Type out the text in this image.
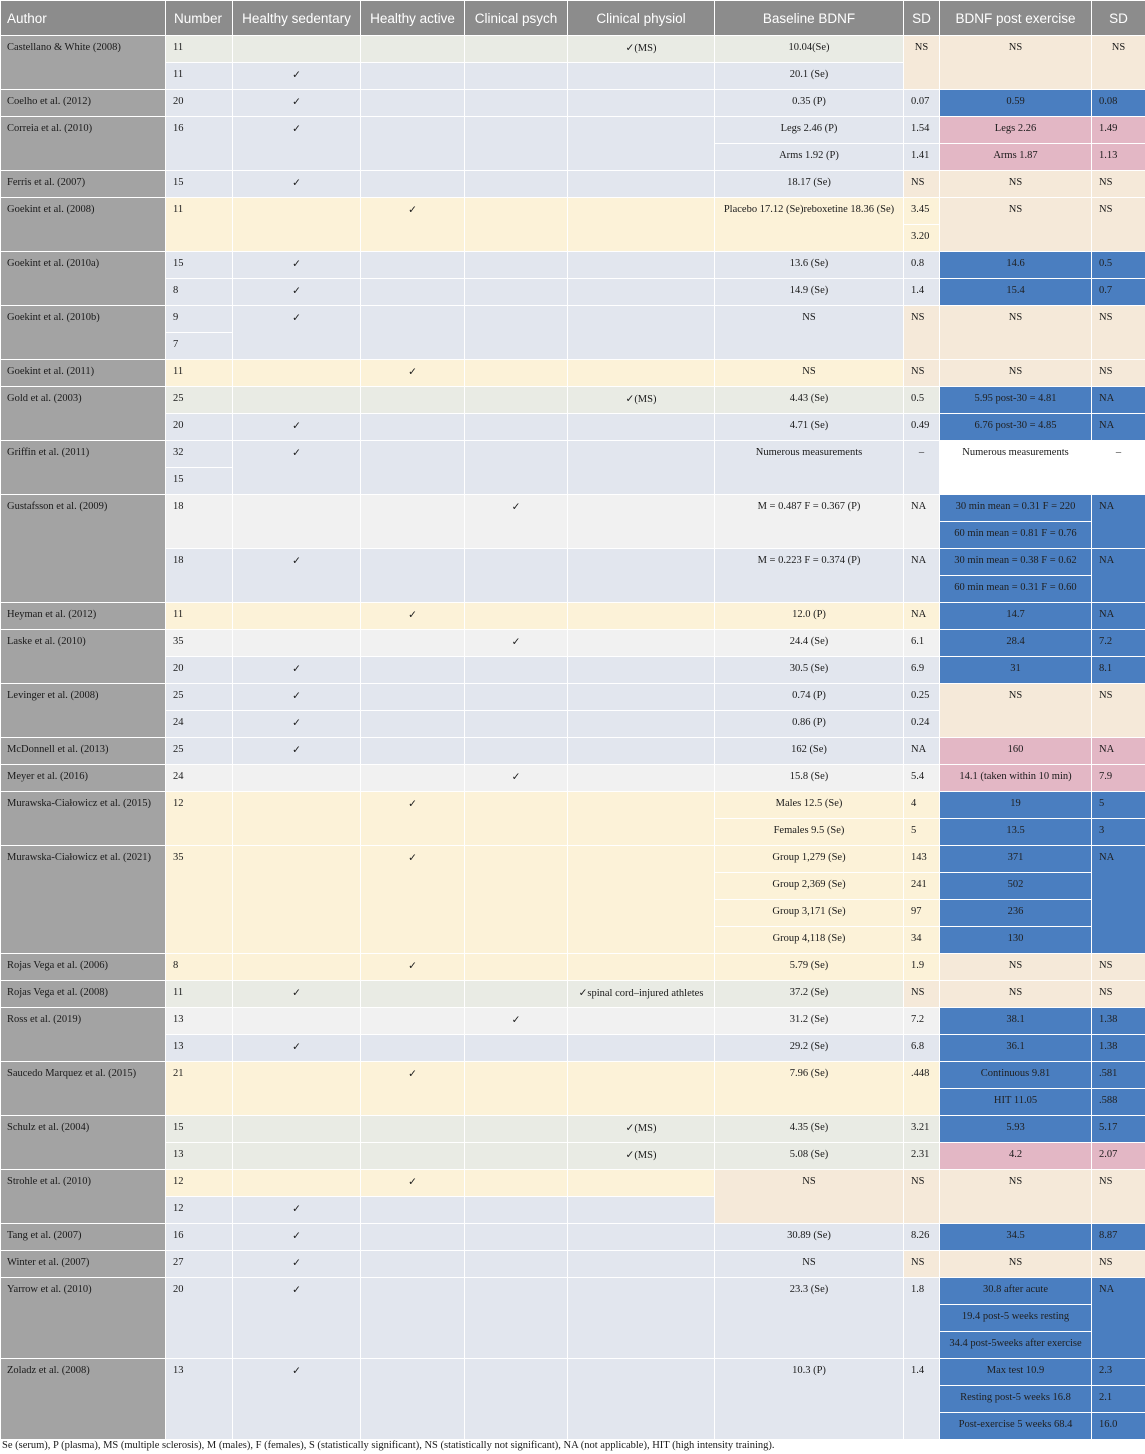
Author	Number	Healthy sedentary	Healthy active	Clinical psych	Clinical physiol	Baseline BDNF	SD	BDNF post exercise	SD

Castellano & White (2008)	11				✓(MS)	10.04(Se)	NS	NS	NS

	11	✓				20.1 (Se)			

Coelho et al. (2012)	20	✓				0.35 (P)	0.07	0.59	0.08

Correia et al. (2010)	16	✓				Legs 2.46 (P)	1.54	Legs 2.26	1.49

						Arms 1.92 (P)	1.41	Arms 1.87	1.13

Ferris et al. (2007)	15	✓				18.17 (Se)	NS	NS	NS

Goekint et al. (2008)	11		✓			Placebo 17.12 (Se)reboxetine 18.36 (Se)	3.45	NS	NS

							3.20		

Goekint et al. (2010a)	15	✓				13.6 (Se)	0.8	14.6	0.5

	8	✓				14.9 (Se)	1.4	15.4	0.7

Goekint et al. (2010b)	9	✓				NS	NS	NS	NS

	7								

Goekint et al. (2011)	11		✓			NS	NS	NS	NS

Gold et al. (2003)	25				✓(MS)	4.43 (Se)	0.5	5.95 post-30 = 4.81	NA

	20	✓				4.71 (Se)	0.49	6.76 post-30 = 4.85	NA

Griffin et al. (2011)	32	✓				Numerous measurements	–	Numerous measurements	–

	15								

Gustafsson et al. (2009)	18			✓		M = 0.487 F = 0.367 (P)	NA	30 min mean = 0.31 F = 220	NA

								60 min mean = 0.81 F = 0.76	

	18	✓				M = 0.223 F = 0.374 (P)	NA	30 min mean = 0.38 F = 0.62	NA

								60 min mean = 0.31 F = 0.60	

Heyman et al. (2012)	11		✓			12.0 (P)	NA	14.7	NA

Laske et al. (2010)	35			✓		24.4 (Se)	6.1	28.4	7.2

	20	✓				30.5 (Se)	6.9	31	8.1

Levinger et al. (2008)	25	✓				0.74 (P)	0.25	NS	NS

	24	✓				0.86 (P)	0.24		

McDonnell et al. (2013)	25	✓				162 (Se)	NA	160	NA

Meyer et al. (2016)	24			✓		15.8 (Se)	5.4	14.1 (taken within 10 min)	7.9

Murawska-Ciałowicz et al. (2015)	12		✓			Males 12.5 (Se)	4	19	5

						Females 9.5 (Se)	5	13.5	3

Murawska-Ciałowicz et al. (2021)	35		✓			Group 1,279 (Se)	143	371	NA

						Group 2,369 (Se)	241	502	

						Group 3,171 (Se)	97	236	

						Group 4,118 (Se)	34	130	

Rojas Vega et al. (2006)	8		✓			5.79 (Se)	1.9	NS	NS

Rojas Vega et al. (2008)	11	✓			✓spinal cord–injured athletes	37.2 (Se)	NS	NS	NS

Ross et al. (2019)	13			✓		31.2 (Se)	7.2	38.1	1.38

	13	✓				29.2 (Se)	6.8	36.1	1.38

Saucedo Marquez et al. (2015)	21		✓			7.96 (Se)	.448	Continuous 9.81	.581

								HIT 11.05	.588

Schulz et al. (2004)	15				✓(MS)	4.35 (Se)	3.21	5.93	5.17

	13				✓(MS)	5.08 (Se)	2.31	4.2	2.07

Strohle et al. (2010)	12		✓			NS	NS	NS	NS

	12	✓							

Tang et al. (2007)	16	✓				30.89 (Se)	8.26	34.5	8.87

Winter et al. (2007)	27	✓				NS	NS	NS	NS

Yarrow et al. (2010)	20	✓				23.3 (Se)	1.8	30.8 after acute	NA

								19.4 post-5 weeks resting	

								34.4 post-5weeks after exercise	

Zoladz et al. (2008)	13	✓				10.3 (P)	1.4	Max test 10.9	2.3

								Resting post-5 weeks 16.8	2.1

								Post-exercise 5 weeks 68.4	16.0
Se (serum), P (plasma), MS (multiple sclerosis), M (males), F (females), S (statistically significant), NS (statistically not significant), NA (not applicable), HIT (high intensity training).
